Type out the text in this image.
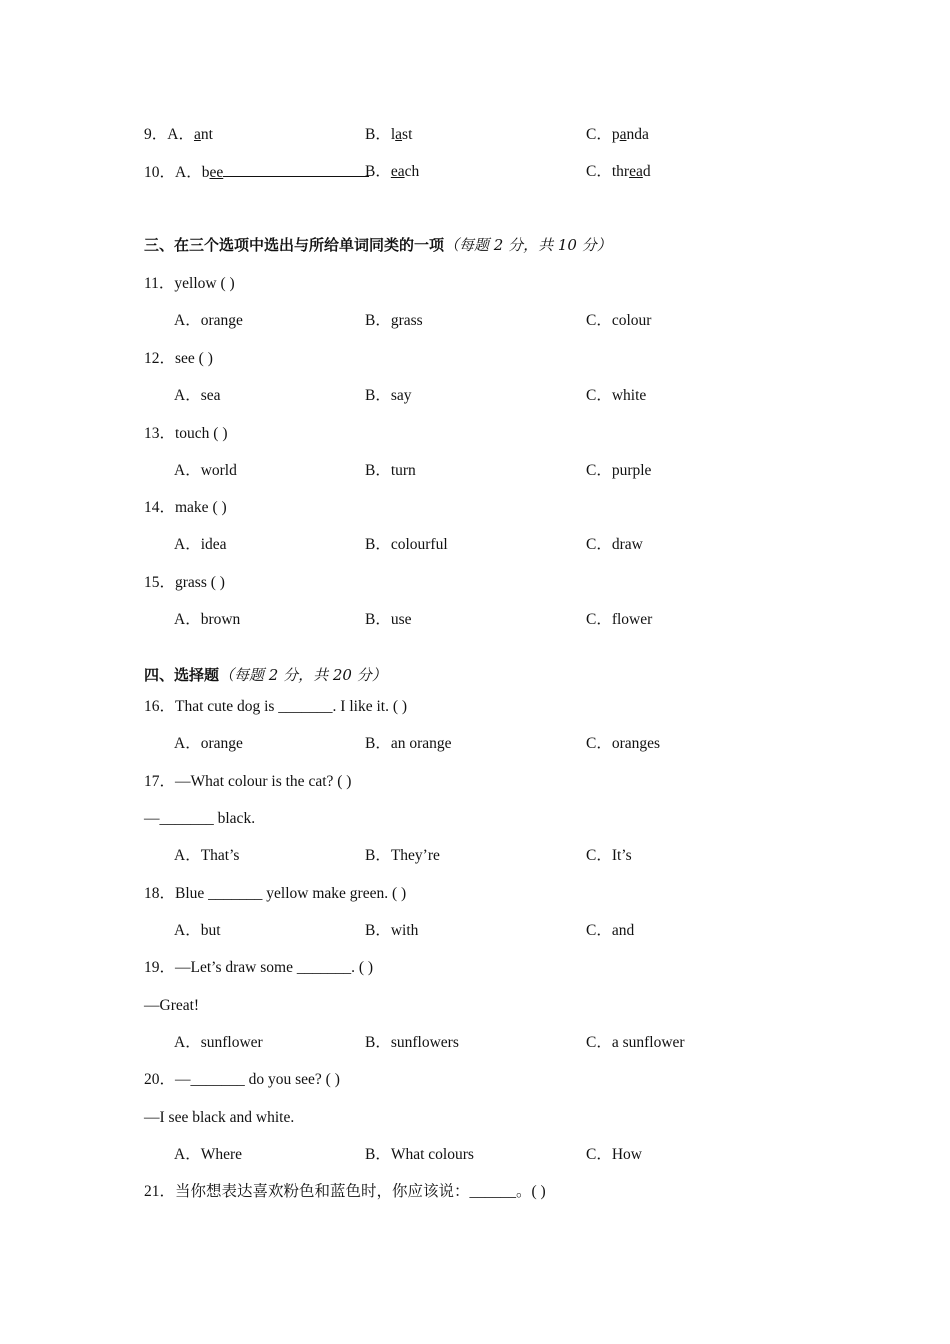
9．A．ant	B．last	C．panda
10．A．bee	B．each	C．thread
三、在三个选项中选出与所给单词同类的一项（每题 2 分，共 10 分）
11．yellow ( )
A．orange	B．grass	C．colour
12．see ( )
A．sea	B．say	C．white
13．touch ( )
A．world	B．turn	C．purple
14．make ( )
A．idea	B．colourful	C．draw
15．grass ( )
A．brown	B．use	C．flower
四、选择题（每题 2 分，共 20 分）
16．That cute dog is _______. I like it. ( )
A．orange	B．an orange	C．oranges
17．—What colour is the cat? ( )
—_______ black.
A．That’s	B．They’re	C．It’s
18．Blue _______ yellow make green. ( )
A．but	B．with	C．and
19．—Let’s draw some _______. ( )
—Great!
A．sunflower	B．sunflowers	C．a sunflower
20．—_______ do you see? ( )
—I see black and white.
A．Where	B．What colours	C．How
21．当你想表达喜欢粉色和蓝色时，你应该说：______。( )
